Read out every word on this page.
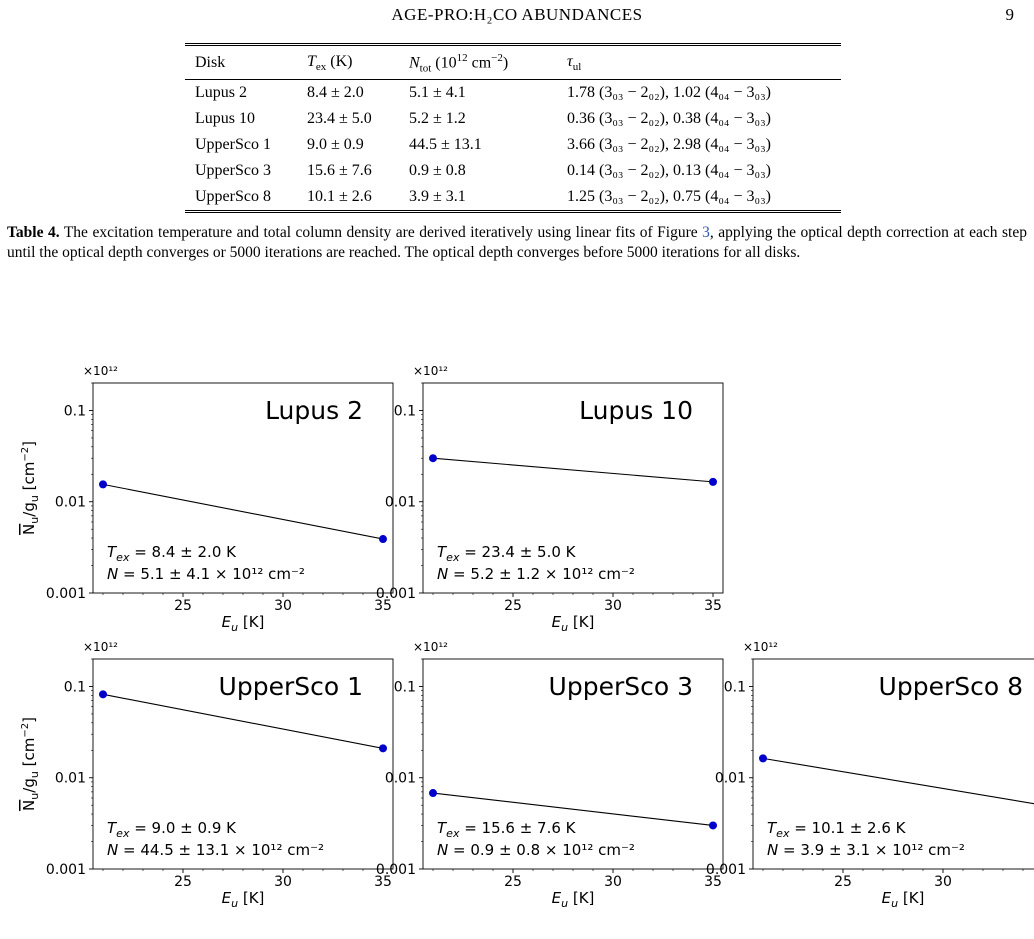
AGE-PRO:H₂CO ABUNDANCES	9
Disk	$T_{ex}$ (K)	$N_{tot}$ ($10^{12}$ $cm^{-2}$)	$\tau_{ul}$
Lupus 2	8.4 ± 2.0	5.1 ± 4.1	1.78 (3₀₃ − 2₀₂), 1.02 (4₀₄ − 3₀₃)
Lupus 10	23.4 ± 5.0	5.2 ± 1.2	0.36 (3₀₃ − 2₀₂), 0.38 (4₀₄ − 3₀₃)
UpperSco 1	9.0 ± 0.9	44.5 ± 13.1	3.66 (3₀₃ − 2₀₂), 2.98 (4₀₄ − 3₀₃)
UpperSco 3	15.6 ± 7.6	0.9 ± 0.8	0.14 (3₀₃ − 2₀₂), 0.13 (4₀₄ − 3₀₃)
UpperSco 8	10.1 ± 2.6	3.9 ± 3.1	1.25 (3₀₃ − 2₀₂), 0.75 (4₀₄ − 3₀₃)
Table 4. The excitation temperature and total column density are derived iteratively using linear fits of Figure 3, applying the optical depth correction at each step until the optical depth converges or 5000 iterations are reached. The optical depth converges before 5000 iterations for all disks.
×10¹²
25	30	35
0.1
0.01
0.001
$E_u$ [K]
$N_u/g_u$ $[cm^{-2}]$
Lupus 2
$T_{ex} = 8.4 \pm 2.0$ K
N = 5.1 ± 4.1 × 10¹² cm⁻²
×10¹²
25	30	35
0.1
0.01
0.001
$E_u$ [K]
Lupus 10
$T_{ex} = 23.4 \pm 5.0$ K
N = 5.2 ± 1.2 × 10¹² cm⁻²
×10¹²
25	30	35
0.1
0.01
0.001
$E_u$ [K]
$N_u/g_u$ $[cm^{-2}]$
UpperSco 1
$T_{ex} = 9.0 \pm 0.9$ K
N = 44.5 ± 13.1 × 10¹² cm⁻²
×10¹²
25	30	35
0.1
0.01
0.001
$E_u$ [K]
UpperSco 3
$T_{ex} = 15.6 \pm 7.6$ K
N = 0.9 ± 0.8 × 10¹² cm⁻²
×10¹²
25	30
0.1
0.01
0.001
$E_u$ [K]
UpperSco 8
$T_{ex} = 10.1 \pm 2.6$ K
N = 3.9 ± 3.1 × 10¹² cm⁻²
